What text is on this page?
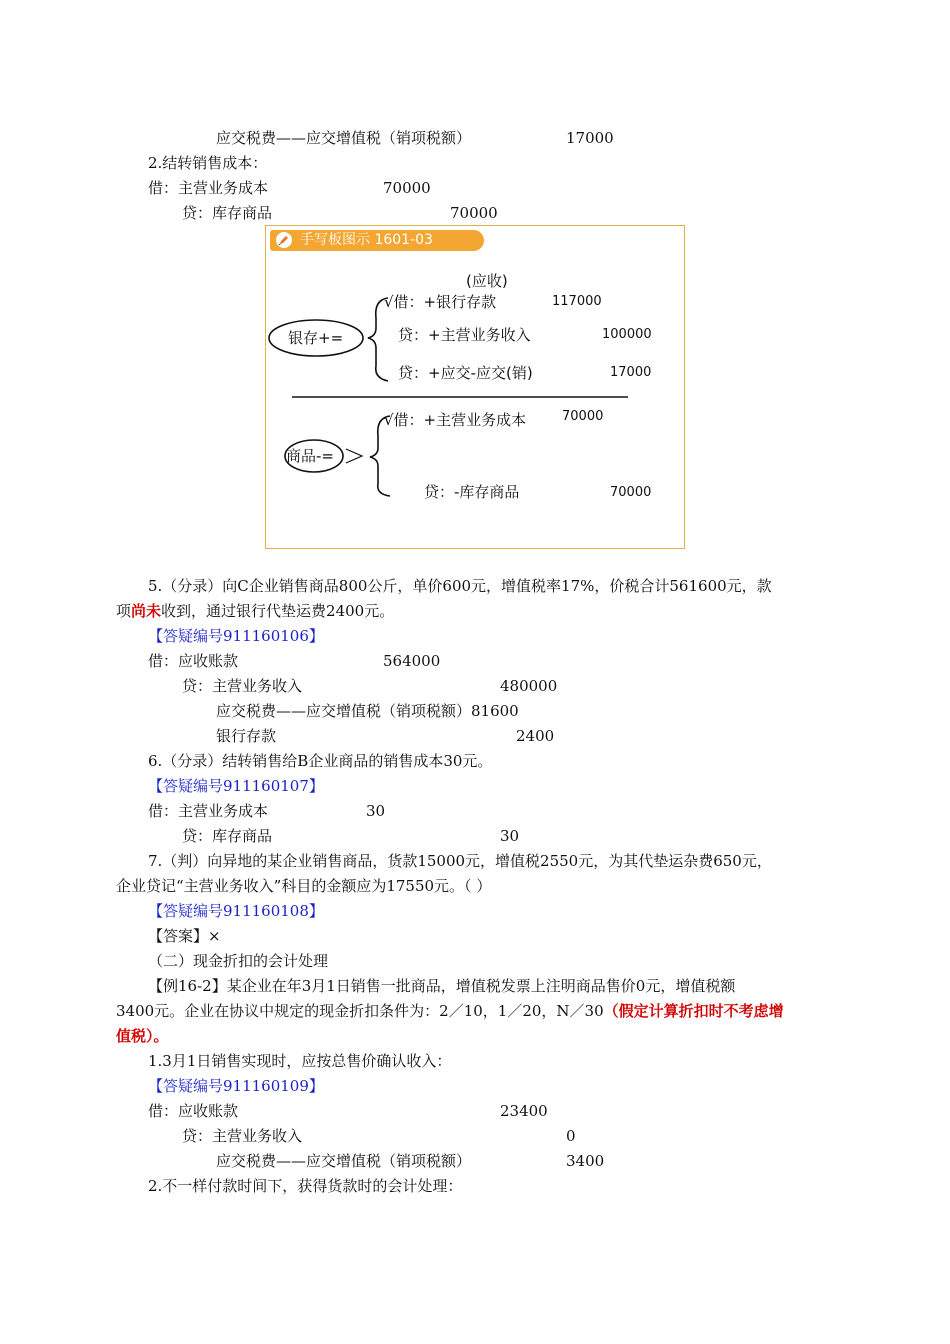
应交税费——应交增值税（销项税额）	17000
2.结转销售成本：
借：主营业务成本	70000
贷：库存商品	70000
手写板图示 1601-03
(应收)
银存+=
√借：+银行存款	117000
贷：+主营业务收入	100000
贷：+应交-应交(销)	17000
商品-=
√借：+主营业务成本	70000
贷：-库存商品	70000
5.（分录）向C企业销售商品800公斤，单价600元，增值税率17%，价税合计561600元，款
项尚未收到，通过银行代垫运费2400元。
【答疑编号911160106】
借：应收账款	564000
贷：主营业务收入	480000
应交税费——应交增值税（销项税额）81600
银行存款	2400
6.（分录）结转销售给B企业商品的销售成本30元。
【答疑编号911160107】
借：主营业务成本	30
贷：库存商品	30
7.（判）向异地的某企业销售商品，货款15000元，增值税2550元，为其代垫运杂费650元，
企业贷记“主营业务收入”科目的金额应为17550元。（ ）
【答疑编号911160108】
【答案】×
（二）现金折扣的会计处理
【例16-2】某企业在年3月1日销售一批商品，增值税发票上注明商品售价0元，增值税额
3400元。企业在协议中规定的现金折扣条件为：2／10，1／20，N／30（假定计算折扣时不考虑增
值税）。
1.3月1日销售实现时，应按总售价确认收入：
【答疑编号911160109】
借：应收账款	23400
贷：主营业务收入	0
应交税费——应交增值税（销项税额）	3400
2.不一样付款时间下，获得货款时的会计处理：
